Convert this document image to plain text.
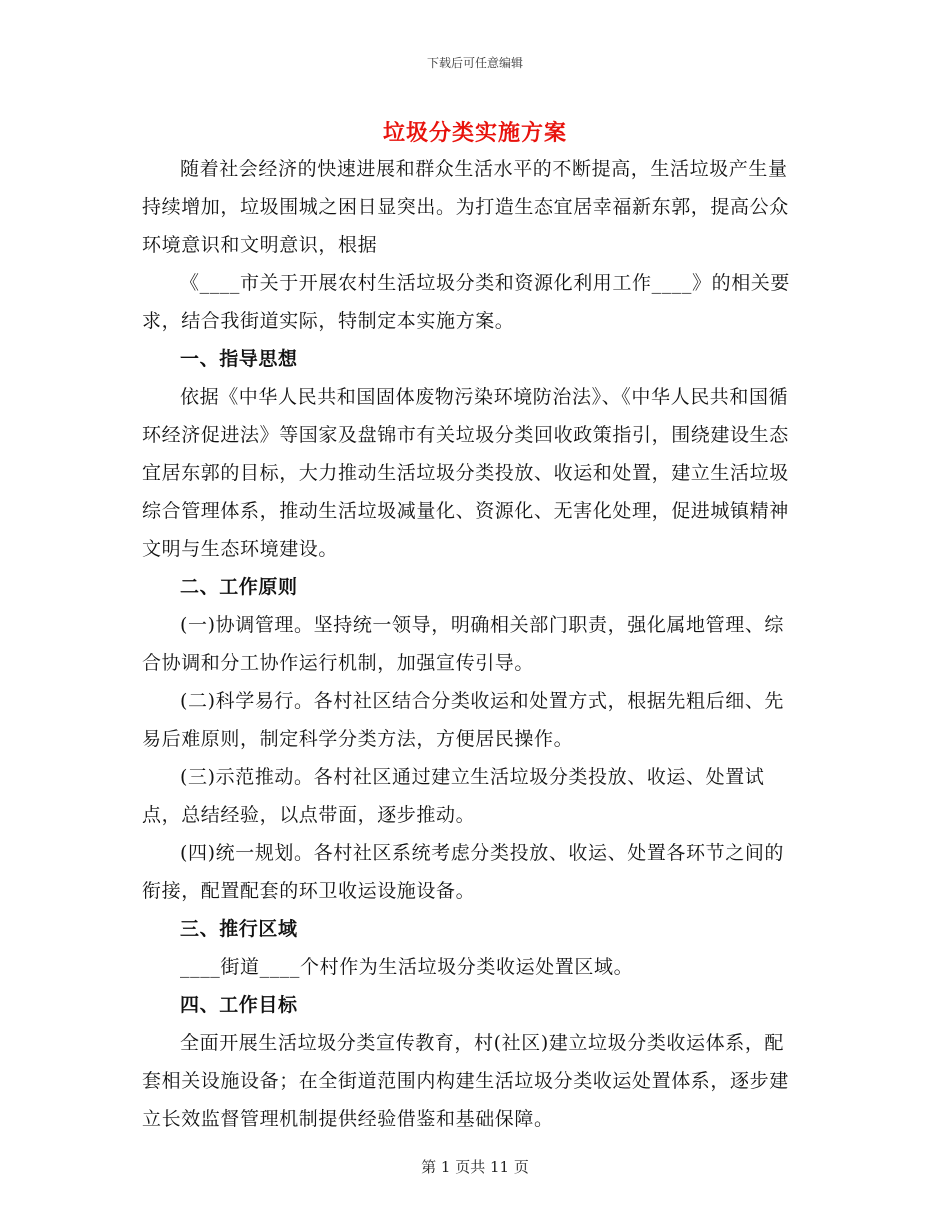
下载后可任意编辑
垃圾分类实施方案

随着社会经济的快速进展和群众生活水平的不断提高，生活垃圾产生量持续增加，垃圾围城之困日显突出。为打造生态宜居幸福新东郭，提高公众环境意识和文明意识，根据

《____市关于开展农村生活垃圾分类和资源化利用工作____》的相关要求，结合我街道实际，特制定本实施方案。

一、指导思想

依据《中华人民共和国固体废物污染环境防治法》、《中华人民共和国循环经济促进法》等国家及盘锦市有关垃圾分类回收政策指引，围绕建设生态宜居东郭的目标，大力推动生活垃圾分类投放、收运和处置，建立生活垃圾综合管理体系，推动生活垃圾减量化、资源化、无害化处理，促进城镇精神文明与生态环境建设。

二、工作原则

(一)协调管理。坚持统一领导，明确相关部门职责，强化属地管理、综合协调和分工协作运行机制，加强宣传引导。

(二)科学易行。各村社区结合分类收运和处置方式，根据先粗后细、先易后难原则，制定科学分类方法，方便居民操作。

(三)示范推动。各村社区通过建立生活垃圾分类投放、收运、处置试点，总结经验，以点带面，逐步推动。

(四)统一规划。各村社区系统考虑分类投放、收运、处置各环节之间的衔接，配置配套的环卫收运设施设备。

三、推行区域

____街道____个村作为生活垃圾分类收运处置区域。

四、工作目标

全面开展生活垃圾分类宣传教育，村(社区)建立垃圾分类收运体系，配套相关设施设备；在全街道范围内构建生活垃圾分类收运处置体系，逐步建立长效监督管理机制提供经验借鉴和基础保障。

第 1 页共 11 页
